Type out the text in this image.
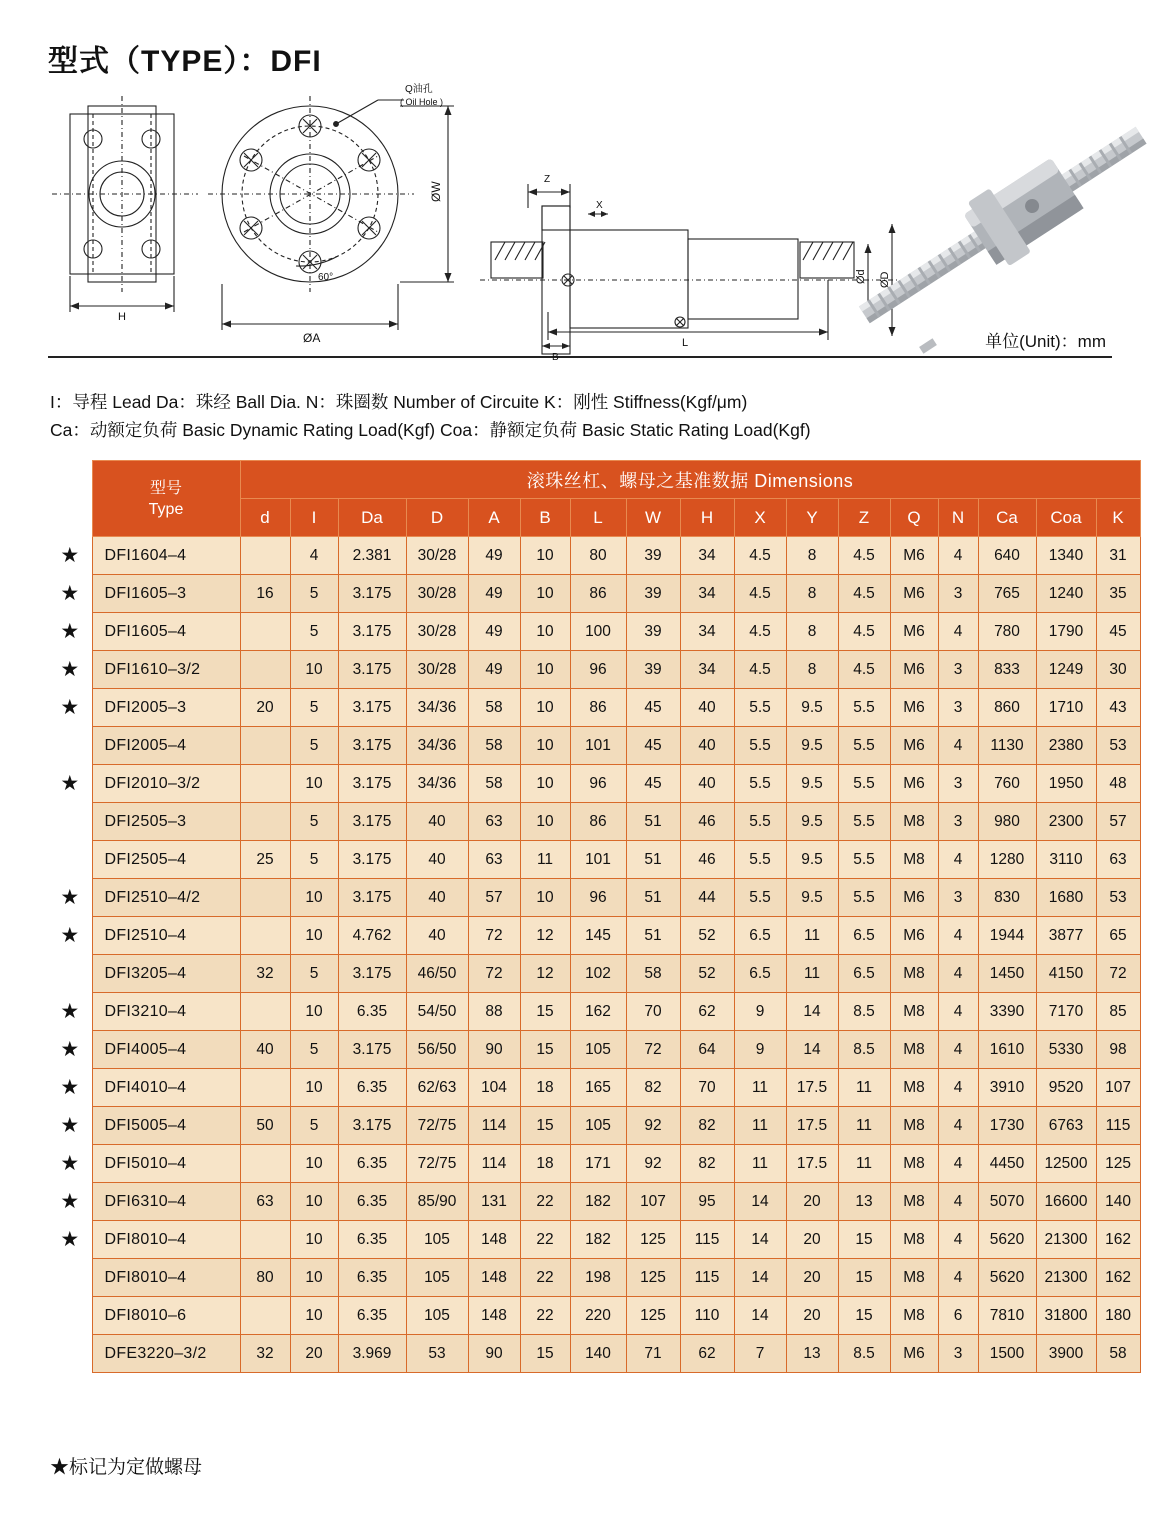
型式（TYPE）：DFI
Q油孔
( Oil Hole )
H
ØA
60°
ØW
Z
X
B
L
Ød ØD
单位(Unit)：mm
I：导程 Lead Da：珠经 Ball Dia. N：珠圈数 Number of Circuite K：刚性 Stiffness(Kgf/μm)
Ca：动额定负荷 Basic Dynamic Rating Load(Kgf) Coa：静额定负荷 Basic Static Rating Load(Kgf)

	型号
Type	滚珠丝杠、螺母之基准数据 Dimensions																
		d	I	Da	D	A	B	L	W	H	X	Y	Z	Q	N	Ca	Coa	K
★	DFI1604–4		4	2.381	30/28	49	10	80	39	34	4.5	8	4.5	M6	4	640	1340	31
★	DFI1605–3	16	5	3.175	30/28	49	10	86	39	34	4.5	8	4.5	M6	3	765	1240	35
★	DFI1605–4		5	3.175	30/28	49	10	100	39	34	4.5	8	4.5	M6	4	780	1790	45
★	DFI1610–3/2		10	3.175	30/28	49	10	96	39	34	4.5	8	4.5	M6	3	833	1249	30
★	DFI2005–3	20	5	3.175	34/36	58	10	86	45	40	5.5	9.5	5.5	M6	3	860	1710	43
	DFI2005–4		5	3.175	34/36	58	10	101	45	40	5.5	9.5	5.5	M6	4	1130	2380	53
★	DFI2010–3/2		10	3.175	34/36	58	10	96	45	40	5.5	9.5	5.5	M6	3	760	1950	48
	DFI2505–3		5	3.175	40	63	10	86	51	46	5.5	9.5	5.5	M8	3	980	2300	57
	DFI2505–4	25	5	3.175	40	63	11	101	51	46	5.5	9.5	5.5	M8	4	1280	3110	63
★	DFI2510–4/2		10	3.175	40	57	10	96	51	44	5.5	9.5	5.5	M6	3	830	1680	53
★	DFI2510–4		10	4.762	40	72	12	145	51	52	6.5	11	6.5	M6	4	1944	3877	65
	DFI3205–4	32	5	3.175	46/50	72	12	102	58	52	6.5	11	6.5	M8	4	1450	4150	72
★	DFI3210–4		10	6.35	54/50	88	15	162	70	62	9	14	8.5	M8	4	3390	7170	85
★	DFI4005–4	40	5	3.175	56/50	90	15	105	72	64	9	14	8.5	M8	4	1610	5330	98
★	DFI4010–4		10	6.35	62/63	104	18	165	82	70	11	17.5	11	M8	4	3910	9520	107
★	DFI5005–4	50	5	3.175	72/75	114	15	105	92	82	11	17.5	11	M8	4	1730	6763	115
★	DFI5010–4		10	6.35	72/75	114	18	171	92	82	11	17.5	11	M8	4	4450	12500	125
★	DFI6310–4	63	10	6.35	85/90	131	22	182	107	95	14	20	13	M8	4	5070	16600	140
★	DFI8010–4		10	6.35	105	148	22	182	125	115	14	20	15	M8	4	5620	21300	162
	DFI8010–4	80	10	6.35	105	148	22	198	125	115	14	20	15	M8	4	5620	21300	162
	DFI8010–6		10	6.35	105	148	22	220	125	110	14	20	15	M8	6	7810	31800	180
	DFE3220–3/2	32	20	3.969	53	90	15	140	71	62	7	13	8.5	M6	3	1500	3900	58
★标记为定做螺母
